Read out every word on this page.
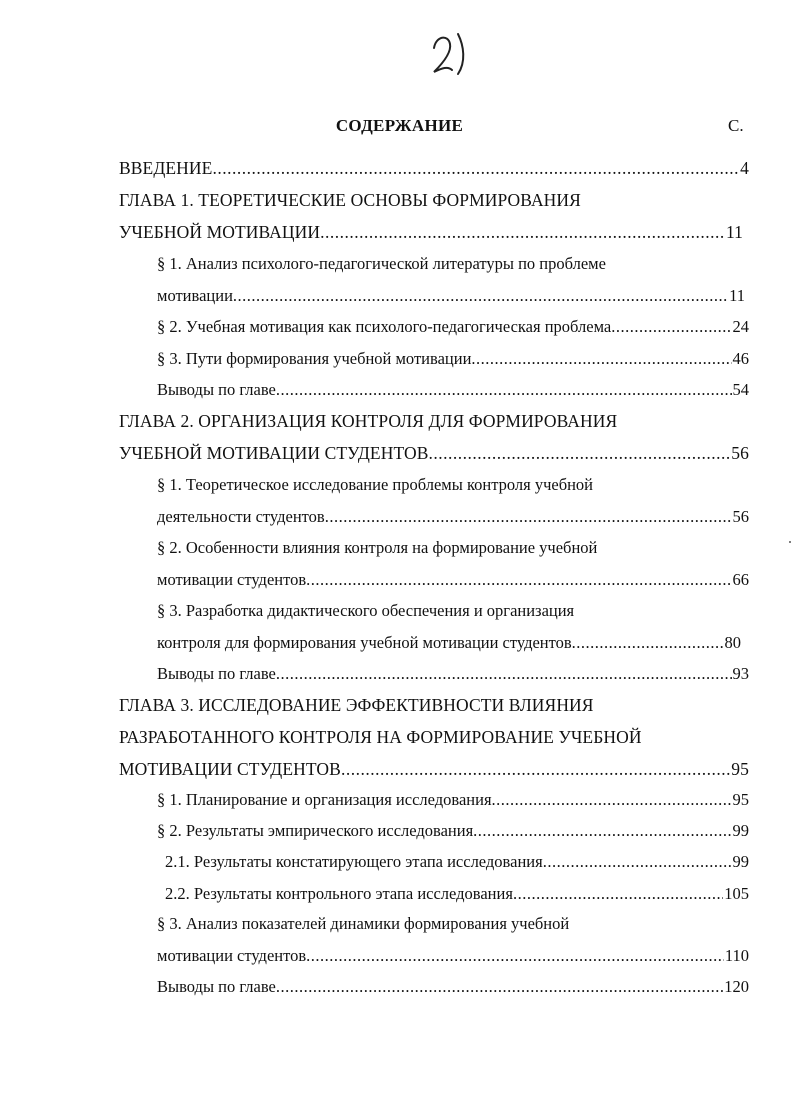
СОДЕРЖАНИЕ	С.
ВВЕДЕНИЕ .....	4
ГЛАВА 1. ТЕОРЕТИЧЕСКИЕ ОСНОВЫ ФОРМИРОВАНИЯ
УЧЕБНОЙ МОТИВАЦИИ .....	11
§ 1. Анализ психолого-педагогической литературы по проблеме
мотивации .....	11
§ 2. Учебная мотивация как психолого-педагогическая проблема .....	24
§ 3. Пути формирования учебной мотивации .....	46
Выводы по главе .....	54
ГЛАВА 2. ОРГАНИЗАЦИЯ КОНТРОЛЯ ДЛЯ ФОРМИРОВАНИЯ
УЧЕБНОЙ МОТИВАЦИИ СТУДЕНТОВ .....	56
§ 1. Теоретическое исследование проблемы контроля учебной
деятельности студентов .....	56
§ 2. Особенности влияния контроля на формирование учебной
мотивации студентов .....	66
§ 3. Разработка дидактического обеспечения и организация
контроля для формирования учебной мотивации студентов .....	80
Выводы по главе .....	93
ГЛАВА 3. ИССЛЕДОВАНИЕ ЭФФЕКТИВНОСТИ ВЛИЯНИЯ
РАЗРАБОТАННОГО КОНТРОЛЯ НА ФОРМИРОВАНИЕ УЧЕБНОЙ
МОТИВАЦИИ СТУДЕНТОВ .....	95
§ 1. Планирование и организация исследования .....	95
§ 2. Результаты эмпирического исследования .....	99
2.1. Результаты констатирующего этапа исследования .....	99
2.2. Результаты контрольного этапа исследования .....	105
§ 3. Анализ показателей динамики формирования учебной
мотивации студентов .....	110
Выводы по главе .....	120
